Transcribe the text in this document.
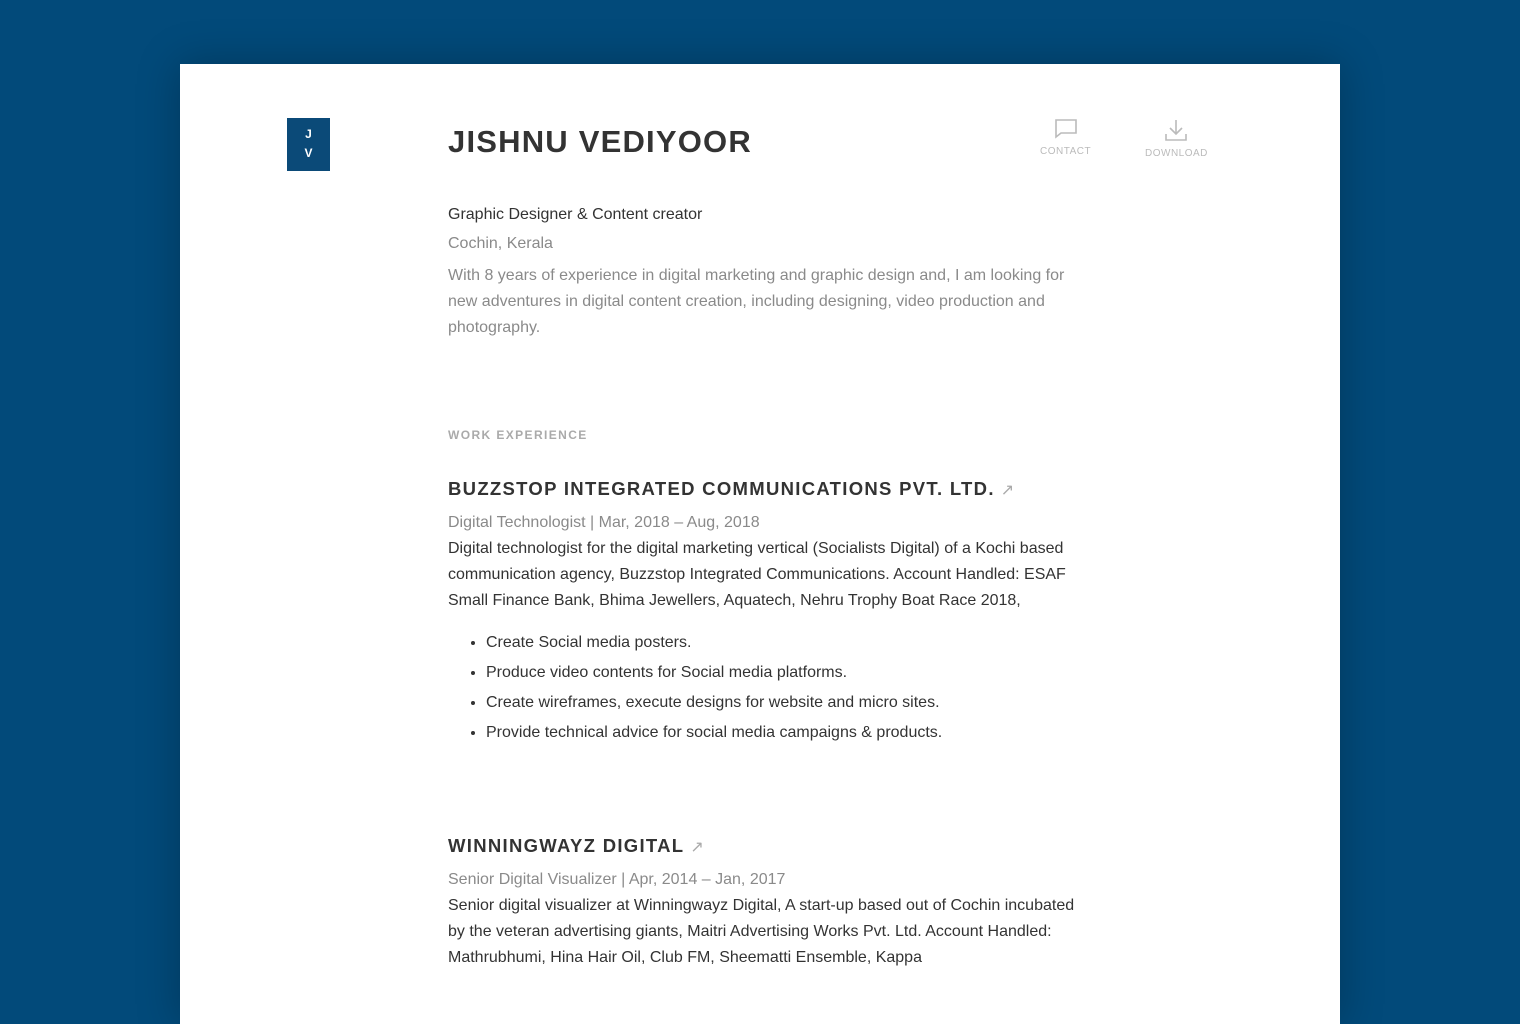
J
V	JISHNU VEDIYOOR	CONTACT	DOWNLOAD

Graphic Designer & Content creator

Cochin, Kerala

With 8 years of experience in digital marketing and graphic design and, I am looking for new adventures in digital content creation, including designing, video production and photography.

WORK EXPERIENCE

BUZZSTOP INTEGRATED COMMUNICATIONS PVT. LTD. ↗

Digital Technologist | Mar, 2018 – Aug, 2018

Digital technologist for the digital marketing vertical (Socialists Digital) of a Kochi based communication agency, Buzzstop Integrated Communications. Account Handled: ESAF Small Finance Bank, Bhima Jewellers, Aquatech, Nehru Trophy Boat Race 2018,

• Create Social media posters.
• Produce video contents for Social media platforms.
• Create wireframes, execute designs for website and micro sites.
• Provide technical advice for social media campaigns & products.

WINNINGWAYZ DIGITAL ↗

Senior Digital Visualizer | Apr, 2014 – Jan, 2017

Senior digital visualizer at Winningwayz Digital, A start-up based out of Cochin incubated by the veteran advertising giants, Maitri Advertising Works Pvt. Ltd. Account Handled: Mathrubhumi, Hina Hair Oil, Club FM, Sheematti Ensemble, Kappa
